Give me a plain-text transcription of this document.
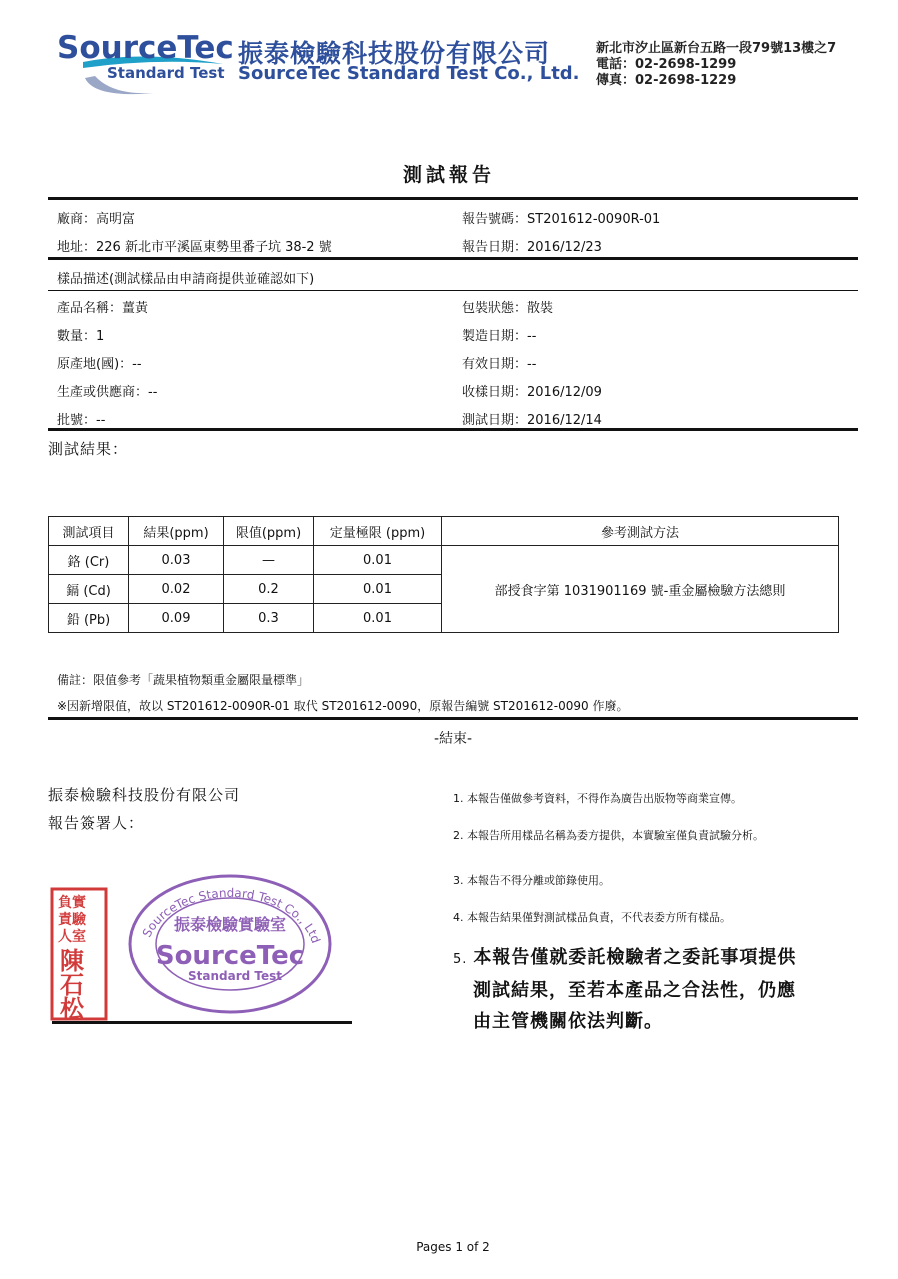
SourceTec
Standard Test
振泰檢驗科技股份有限公司
SourceTec Standard Test Co., Ltd.
新北市汐止區新台五路一段79號13樓之7
電話：02-2698-1299
傳真：02-2698-1229
測試報告
廠商：高明富	報告號碼：ST201612-0090R-01
地址：226 新北市平溪區東勢里番子坑 38-2 號	報告日期：2016/12/23
樣品描述(測試樣品由申請商提供並確認如下)
產品名稱：薑黃	包裝狀態：散裝
數量：1	製造日期：--
原產地(國)：--	有效日期：--
生產或供應商：--	收樣日期：2016/12/09
批號：--	測試日期：2016/12/14
測試結果：
測試項目	結果(ppm)	限值(ppm)	定量極限 (ppm)	參考測試方法
鉻 (Cr)	0.03	—	0.01	部授食字第 1031901169 號-重金屬檢驗方法總則
鎘 (Cd)	0.02	0.2	0.01	
鉛 (Pb)	0.09	0.3	0.01	
備註：限值參考「蔬果植物類重金屬限量標準」
※因新增限值，故以 ST201612-0090R-01 取代 ST201612-0090，原報告編號 ST201612-0090 作廢。
-結束-
振泰檢驗科技股份有限公司
報告簽署人：
負實
責驗
人室
陳
石
松
SourceTec Standard Test Co., Ltd
振泰檢驗實驗室
SourceTec
Standard Test
1. 本報告僅做參考資料，不得作為廣告出版物等商業宣傳。
2. 本報告所用樣品名稱為委方提供，本實驗室僅負責試驗分析。
3. 本報告不得分離或節錄使用。
4. 本報告結果僅對測試樣品負責，不代表委方所有樣品。
5. 本報告僅就委託檢驗者之委託事項提供
測試結果，至若本產品之合法性，仍應
由主管機關依法判斷。
Pages 1 of 2
